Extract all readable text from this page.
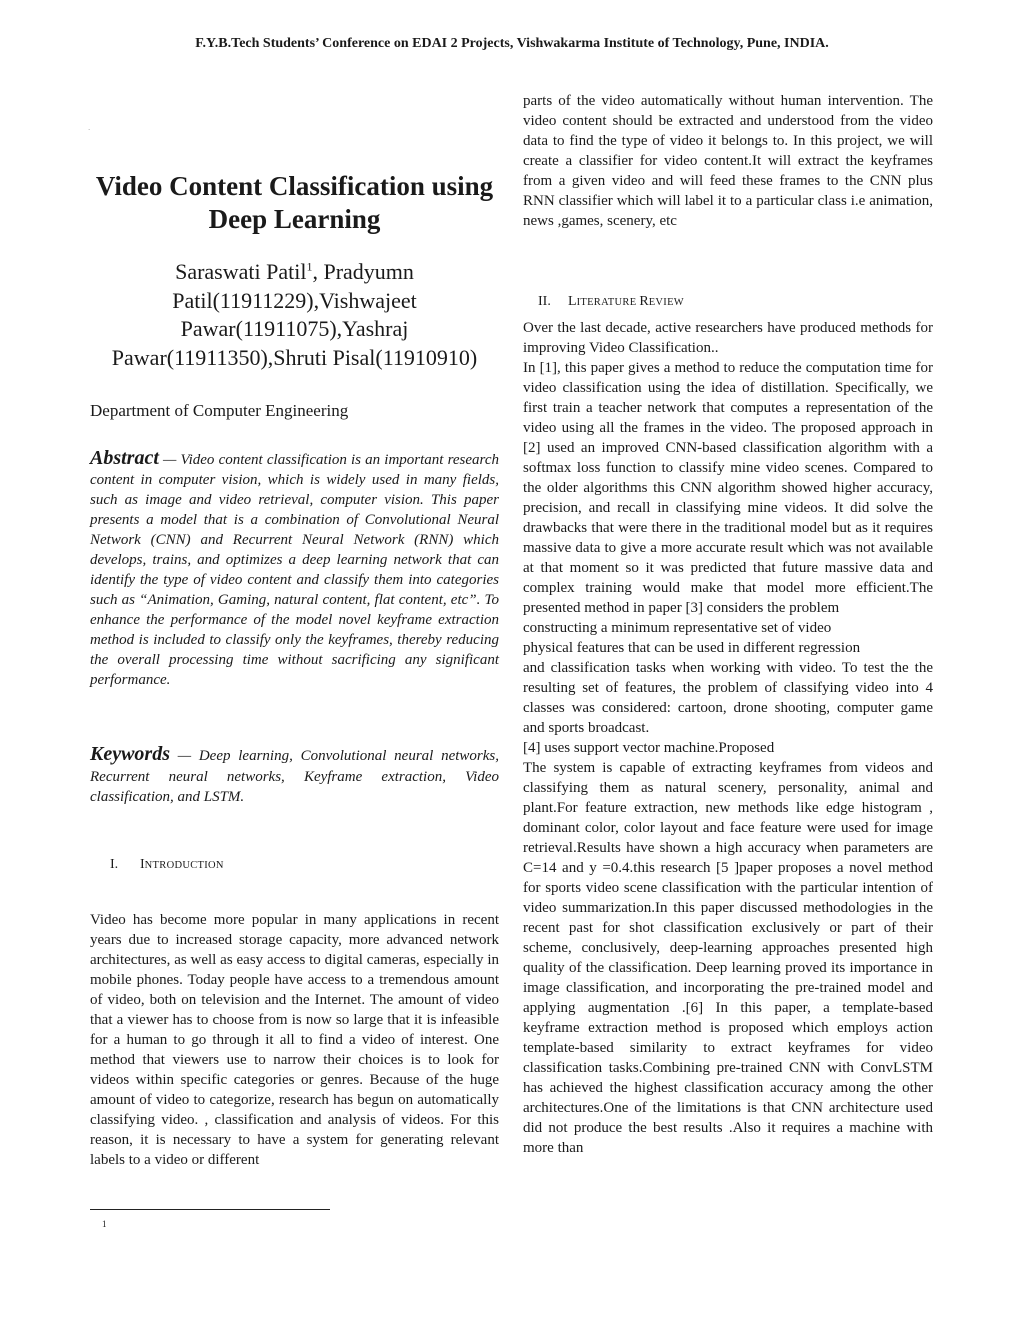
F.Y.B.Tech Students’ Conference on EDAI 2 Projects, Vishwakarma Institute of Technology, Pune, INDIA.
`
Video Content Classification using Deep Learning
Saraswati Patil$^1$, Pradyumn Patil(11911229),Vishwajeet Pawar(11911075),Yashraj Pawar(11911350),Shruti Pisal(11910910)
Department of Computer Engineering
Abstract — Video content classification is an important research content in computer vision, which is widely used in many fields, such as image and video retrieval, computer vision. This paper presents a model that is a combination of Convolutional Neural Network (CNN) and Recurrent Neural Network (RNN) which develops, trains, and optimizes a deep learning network that can identify the type of video content and classify them into categories such as “Animation, Gaming, natural content, flat content, etc”. To enhance the performance of the model novel keyframe extraction method is included to classify only the keyframes, thereby reducing the overall processing time without sacrificing any significant performance.
Keywords — Deep learning, Convolutional neural networks, Recurrent neural networks, Keyframe extraction, Video classification, and LSTM.
I. INTRODUCTION
Video has become more popular in many applications in recent years due to increased storage capacity, more advanced network architectures, as well as easy access to digital cameras, especially in mobile phones. Today people have access to a tremendous amount of video, both on television and the Internet. The amount of video that a viewer has to choose from is now so large that it is infeasible for a human to go through it all to find a video of interest. One method that viewers use to narrow their choices is to look for videos within specific categories or genres. Because of the huge amount of video to categorize, research has begun on automatically classifying video. , classification and analysis of videos. For this reason, it is necessary to have a system for generating relevant labels to a video or different
parts of the video automatically without human intervention. The video content should be extracted and understood from the video data to find the type of video it belongs to. In this project, we will create a classifier for video content.It will extract the keyframes from a given video and will feed these frames to the CNN plus RNN classifier which will label it to a particular class i.e animation, news ,games, scenery, etc
II. LITERATURE REVIEW

Over the last decade, active researchers have produced methods for improving Video Classification..

In [1], this paper gives a method to reduce the computation time for video classification using the idea of distillation. Specifically, we first train a teacher network that computes a representation of the video using all the frames in the video. The proposed approach in [2] used an improved CNN-based classification algorithm with a softmax loss function to classify mine video scenes. Compared to the older algorithms this CNN algorithm showed higher accuracy, precision, and recall in classifying mine videos. It did solve the drawbacks that were there in the traditional model but as it requires massive data to give a more accurate result which was not available at that moment so it was predicted that future massive data and complex training would make that model more efficient.The presented method in paper [3] considers the problem

constructing a minimum representative set of video

physical features that can be used in different regression

and classification tasks when working with video. To test the the resulting set of features, the problem of classifying video into 4 classes was considered: cartoon, drone shooting, computer game and sports broadcast.

[4] uses support vector machine.Proposed

The system is capable of extracting keyframes from videos and classifying them as natural scenery, personality, animal and plant.For feature extraction, new methods like edge histogram , dominant color, color layout and face feature were used for image retrieval.Results have shown a high accuracy when parameters are C=14 and y =0.4.this research [5 ]paper proposes a novel method for sports video scene classification with the particular intention of video summarization.In this paper discussed methodologies in the recent past for shot classification exclusively or part of their scheme, conclusively, deep-learning approaches presented high quality of the classification. Deep learning proved its importance in image classification, and incorporating the pre-trained model and applying augmentation .[6] In this paper, a template-based keyframe extraction method is proposed which employs action template-based similarity to extract keyframes for video classification tasks.Combining pre-trained CNN with ConvLSTM has achieved the highest classification accuracy among the other architectures.One of the limitations is that CNN architecture used did not produce the best results .Also it requires a machine with more than

1
